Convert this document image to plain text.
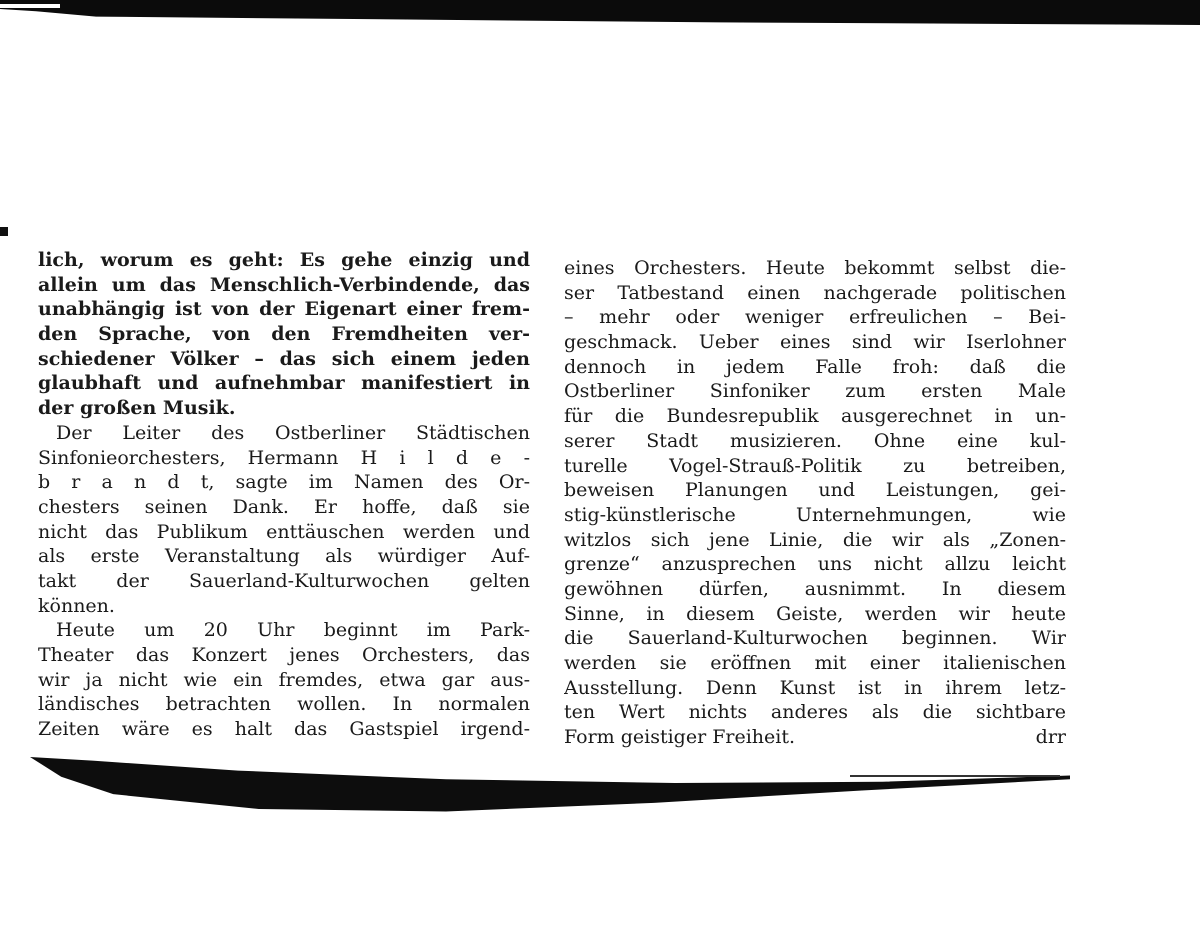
lich, worum es geht: Es gehe einzig und
allein um das Menschlich-Verbindende, das
unabhängig ist von der Eigenart einer frem-
den Sprache, von den Fremdheiten ver-
schiedener Völker – das sich einem jeden
glaubhaft und aufnehmbar manifestiert in
der großen Musik.
Der Leiter des Ostberliner Städtischen
Sinfonieorchesters, Hermann H i l d e -
b r a n d t, sagte im Namen des Or-
chesters seinen Dank. Er hoffe, daß sie
nicht das Publikum enttäuschen werden und
als erste Veranstaltung als würdiger Auf-
takt der Sauerland-Kulturwochen gelten
können.
Heute um 20 Uhr beginnt im Park-
Theater das Konzert jenes Orchesters, das
wir ja nicht wie ein fremdes, etwa gar aus-
ländisches betrachten wollen. In normalen
Zeiten wäre es halt das Gastspiel irgend-
eines Orchesters. Heute bekommt selbst die-
ser Tatbestand einen nachgerade politischen
– mehr oder weniger erfreulichen – Bei-
geschmack. Ueber eines sind wir Iserlohner
dennoch in jedem Falle froh: daß die
Ostberliner Sinfoniker zum ersten Male
für die Bundesrepublik ausgerechnet in un-
serer Stadt musizieren. Ohne eine kul-
turelle Vogel-Strauß-Politik zu betreiben,
beweisen Planungen und Leistungen, gei-
stig-künstlerische Unternehmungen, wie
witzlos sich jene Linie, die wir als „Zonen-
grenze“ anzusprechen uns nicht allzu leicht
gewöhnen dürfen, ausnimmt. In diesem
Sinne, in diesem Geiste, werden wir heute
die Sauerland-Kulturwochen beginnen. Wir
werden sie eröffnen mit einer italienischen
Ausstellung. Denn Kunst ist in ihrem letz-
ten Wert nichts anderes als die sichtbare
Form geistiger Freiheit.	drr
